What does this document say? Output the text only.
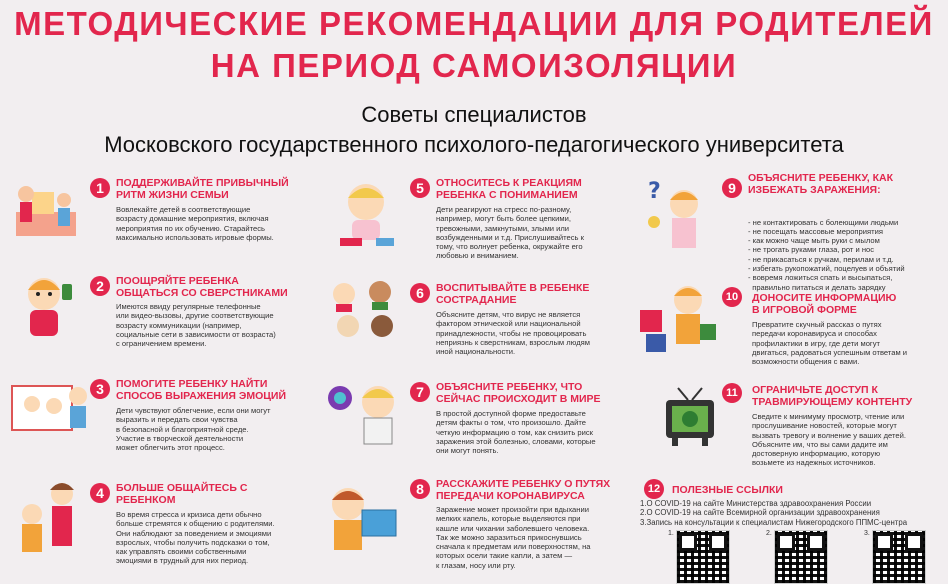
МЕТОДИЧЕСКИЕ РЕКОМЕНДАЦИИ ДЛЯ РОДИТЕЛЕЙ
НА ПЕРИОД САМОИЗОЛЯЦИИ
Советы специалистов
Московского государственного психолого-педагогического университета
?
1	ПОДДЕРЖИВАЙТЕ ПРИВЫЧНЫЙ
РИТМ ЖИЗНИ СЕМЬИ
Вовлекайте детей в соответствующие
возрасту домашние мероприятия, включая
мероприятия по их обучению. Старайтесь
максимально использовать игровые формы.
2	ПООЩРЯЙТЕ РЕБЕНКА
ОБЩАТЬСЯ СО СВЕРСТНИКАМИ
Имеются ввиду регулярные телефонные
или видео-вызовы, другие соответствующие
возрасту коммуникации (например,
социальные сети в зависимости от возраста)
с ограничением времени.
3	ПОМОГИТЕ РЕБЕНКУ НАЙТИ
СПОСОБ ВЫРАЖЕНИЯ ЭМОЦИЙ
Дети чувствуют облегчение, если они могут
выразить и передать свои чувства
в безопасной и благоприятной среде.
Участие в творческой деятельности
может облегчить этот процесс.
4	БОЛЬШЕ ОБЩАЙТЕСЬ С
РЕБЕНКОМ
Во время стресса и кризиса дети обычно
больше стремятся к общению с родителями.
Они наблюдают за поведением и эмоциями
взрослых, чтобы получить подсказки о том,
как управлять своими собственными
эмоциями в трудный для них период.
5	ОТНОСИТЕСЬ К РЕАКЦИЯМ
РЕБЕНКА С ПОНИМАНИЕМ
Дети реагируют на стресс по-разному,
например, могут быть более цепкими,
тревожными, замкнутыми, злыми или
возбужденными и т.д. Прислушивайтесь к
тому, что волнует ребенка, окружайте его
любовью и вниманием.
6	ВОСПИТЫВАЙТЕ В РЕБЕНКЕ
СОСТРАДАНИЕ
Объясните детям, что вирус не является
фактором этнической или национальной
принадлежности, чтобы не провоцировать
неприязнь к сверстникам, взрослым людям
иной национальности.
7	ОБЪЯСНИТЕ РЕБЕНКУ, ЧТО
СЕЙЧАС ПРОИСХОДИТ В МИРЕ
В простой доступной форме предоставьте
детям факты о том, что произошло. Дайте
четкую информацию о том, как снизить риск
заражения этой болезнью, словами, которые
они могут понять.
8	РАССКАЖИТЕ РЕБЕНКУ О ПУТЯХ
ПЕРЕДАЧИ КОРОНАВИРУСА
Заражение может произойти при вдыхании
мелких капель, которые выделяются при
кашле или чихании заболевшего человека.
Так же можно заразиться прикоснувшись
сначала к предметам или поверхностям, на
которых осели такие капли, а затем —
к глазам, носу или рту.
9
ОБЪЯСНИТЕ РЕБЕНКУ, КАК
ИЗБЕЖАТЬ ЗАРАЖЕНИЯ:

- не контактировать с болеющими людьми
- не посещать массовые мероприятия
- как можно чаще мыть руки с мылом
- не трогать руками глаза, рот и нос
- не прикасаться к ручкам, перилам и т.д.
- избегать рукопожатий, поцелуев и объятий
- вовремя ложиться спать и высыпаться,
правильно питаться и делать зарядку

10	ДОНОСИТЕ ИНФОРМАЦИЮ
В ИГРОВОЙ ФОРМЕ
Превратите скучный рассказ о путях
передачи коронавируса и способах
профилактики в игру, где дети могут
двигаться, радоваться успешным ответам и
возможности общения с вами.
11	ОГРАНИЧЬТЕ ДОСТУП К
ТРАВМИРУЮЩЕМУ КОНТЕНТУ
Сведите к минимуму просмотр, чтение или
прослушивание новостей, которые могут
вызвать тревогу и волнение у ваших детей.
Объясните им, что вы сами дадите им
достоверную информацию, которую
возьмете из надежных источников.
12	ПОЛЕЗНЫЕ ССЫЛКИ
1.О COVID-19 на сайте Министерства здравоохранения России
2.О COVID-19 на сайте Всемирной организации здравоохранения
3.Запись на консультации к специалистам Нижегородского ППМС-центра
1.	2.	3.
